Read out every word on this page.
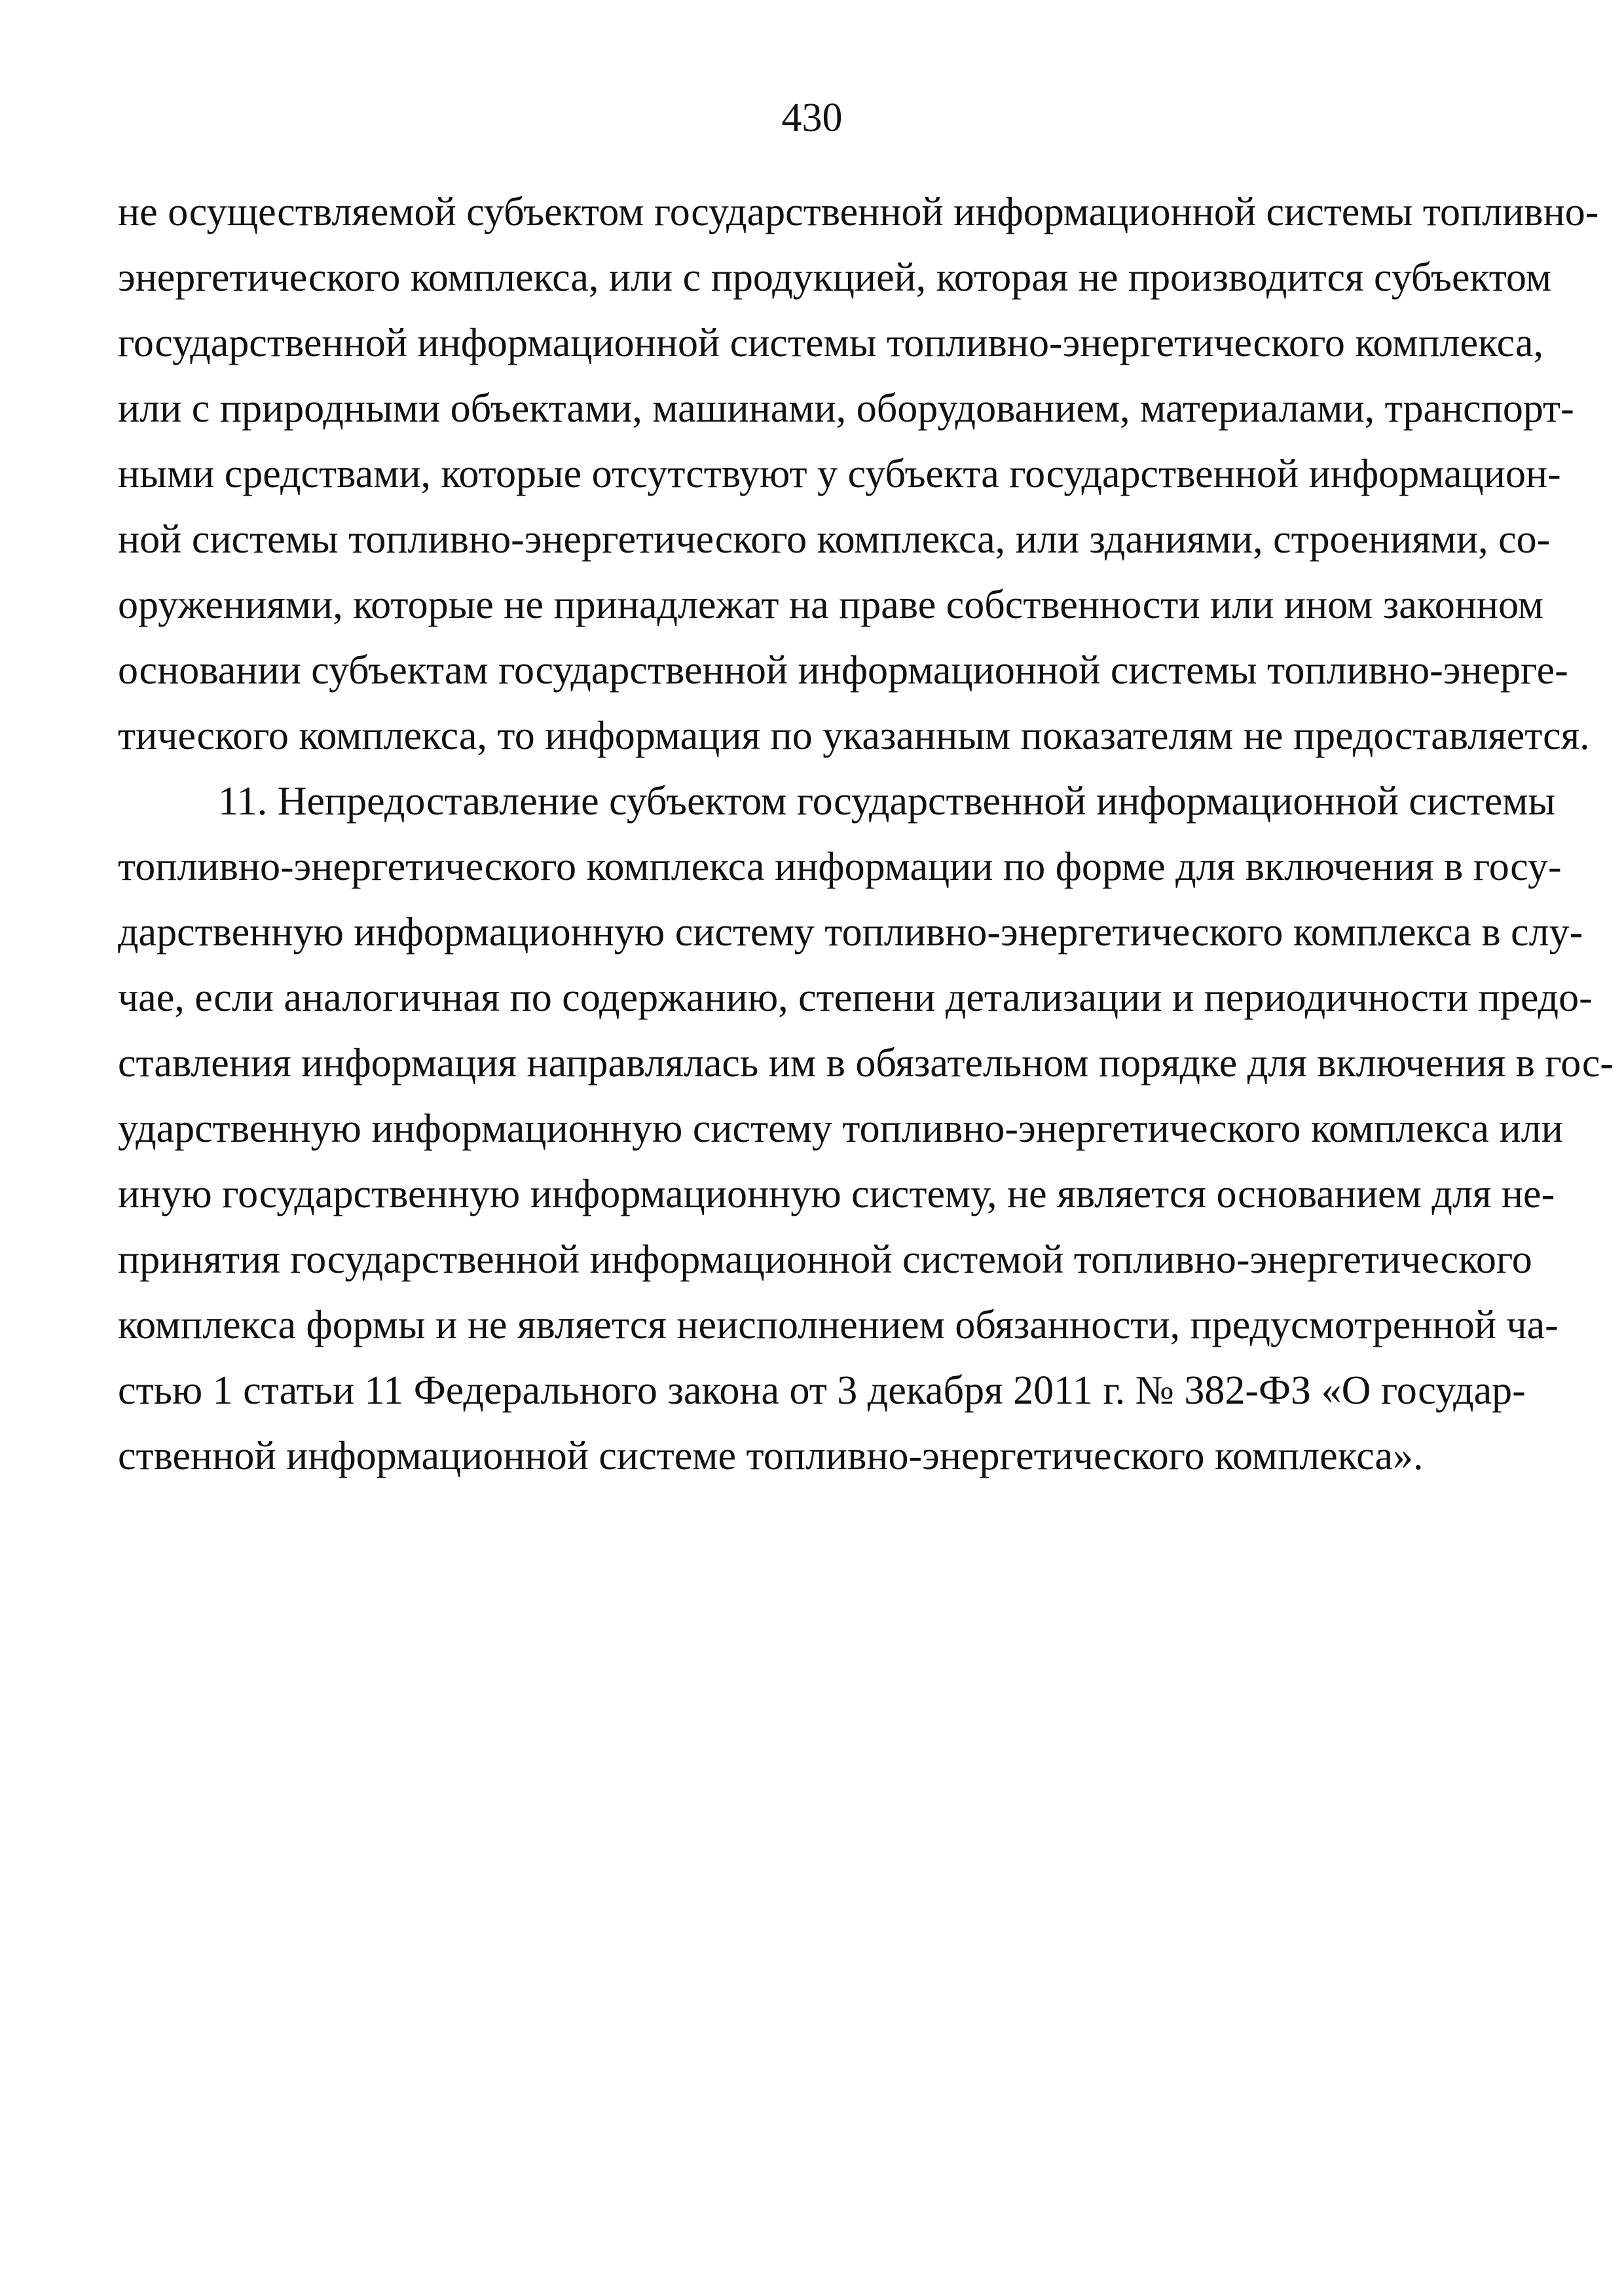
430
не осуществляемой субъектом государственной информационной системы топливно-
энергетического комплекса, или с продукцией, которая не производится субъектом
государственной информационной системы топливно-энергетического комплекса,
или с природными объектами, машинами, оборудованием, материалами, транспорт-
ными средствами, которые отсутствуют у субъекта государственной информацион-
ной системы топливно-энергетического комплекса, или зданиями, строениями, со-
оружениями, которые не принадлежат на праве собственности или ином законном
основании субъектам государственной информационной системы топливно-энерге-
тического комплекса, то информация по указанным показателям не предоставляется.
11. Непредоставление субъектом государственной информационной системы
топливно-энергетического комплекса информации по форме для включения в госу-
дарственную информационную систему топливно-энергетического комплекса в слу-
чае, если аналогичная по содержанию, степени детализации и периодичности предо-
ставления информация направлялась им в обязательном порядке для включения в гос-
ударственную информационную систему топливно-энергетического комплекса или
иную государственную информационную систему, не является основанием для не-
принятия государственной информационной системой топливно-энергетического
комплекса формы и не является неисполнением обязанности, предусмотренной ча-
стью 1 статьи 11 Федерального закона от 3 декабря 2011 г. № 382-ФЗ «О государ-
ственной информационной системе топливно-энергетического комплекса».
